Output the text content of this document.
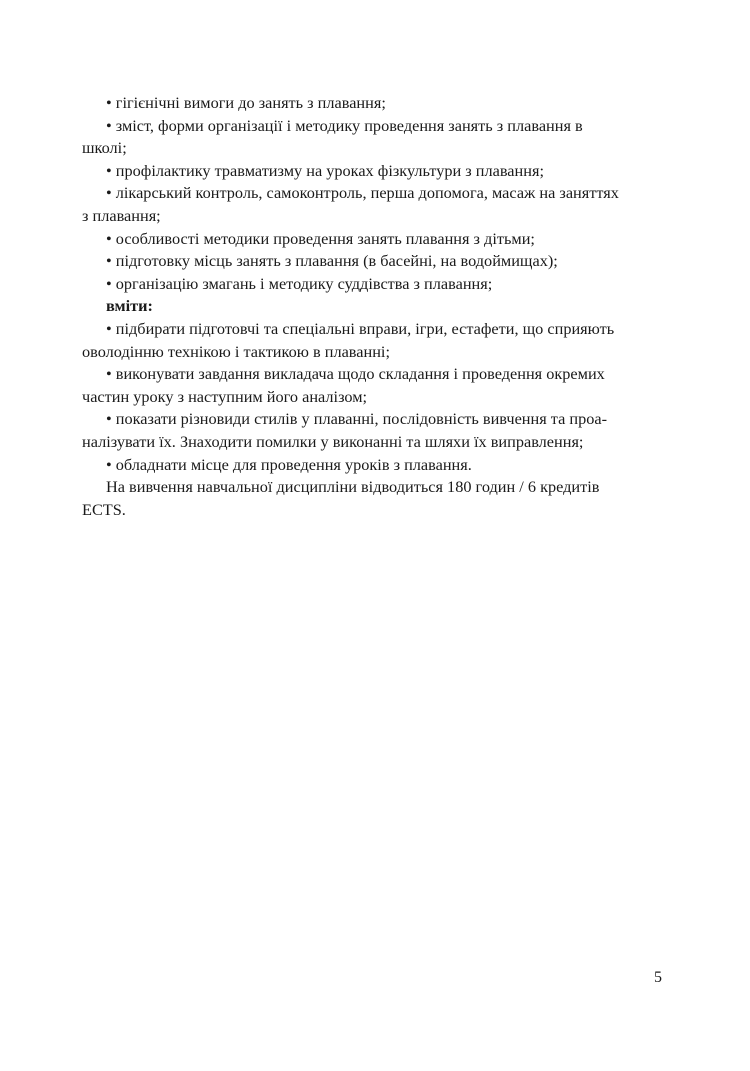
• гігієнічні вимоги до занять з плавання;
• зміст, форми організації і методику проведення занять з плавання в
школі;
• профілактику травматизму на уроках фізкультури з плавання;
• лікарський контроль, самоконтроль, перша допомога, масаж на заняттях
з плавання;
• особливості методики проведення занять плавання з дітьми;
• підготовку місць занять з плавання (в басейні, на водоймищах);
• організацію змагань і методику суддівства з плавання;
вміти:
• підбирати підготовчі та спеціальні вправи, ігри, естафети, що сприяють
оволодінню технікою і тактикою в плаванні;
• виконувати завдання викладача щодо складання і проведення окремих
частин уроку з наступним його аналізом;
• показати різновиди стилів у плаванні, послідовність вивчення та проа-
налізувати їх. Знаходити помилки у виконанні та шляхи їх виправлення;
• обладнати місце для проведення уроків з плавання.
На вивчення навчальної дисципліни відводиться 180 годин / 6 кредитів
ECTS.
5
